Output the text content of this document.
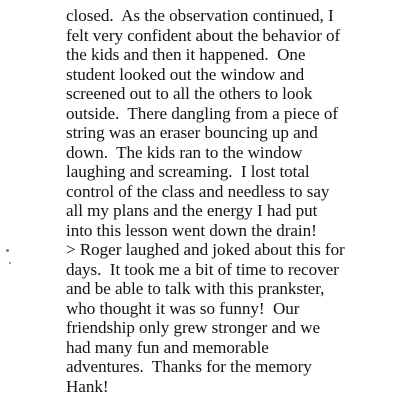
closed.  As the observation continued, I
felt very confident about the behavior of
the kids and then it happened.  One
student looked out the window and
screened out to all the others to look
outside.  There dangling from a piece of
string was an eraser bouncing up and
down.  The kids ran to the window
laughing and screaming.  I lost total
control of the class and needless to say
all my plans and the energy I had put
into this lesson went down the drain!
> Roger laughed and joked about this for
days.  It took me a bit of time to recover
and be able to talk with this prankster,
who thought it was so funny!  Our
friendship only grew stronger and we
had many fun and memorable
adventures.  Thanks for the memory
Hank!
